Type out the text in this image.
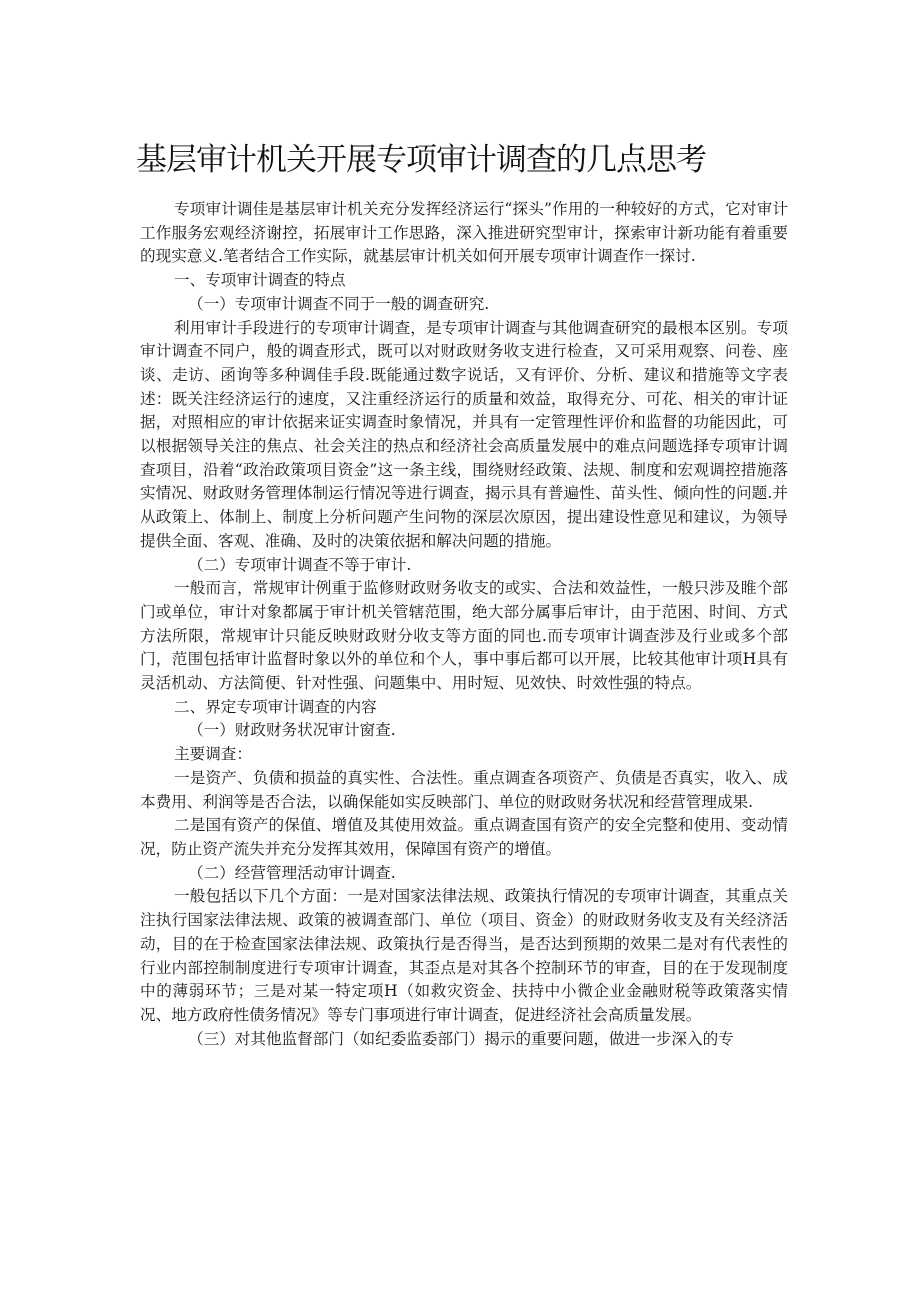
基层审计机关开展专项审计调查的几点思考

专项审计调佳是基层审计机关充分发挥经济运行“探头”作用的一种较好的方式，它对审计工作服务宏观经济谢控，拓展审计工作思路，深入推进研究型审计，探索审计新功能有着重要的现实意义.笔者结合工作实际，就基层审计机关如何开展专项审计调查作一探讨.

一、专项审计调查的特点

（一）专项审计调查不同于一般的调查研究.

利用审计手段进行的专项审计调查，是专项审计调查与其他调查研究的最根本区别。专项审计调查不同户，般的调查形式，既可以对财政财务收支进行检查，又可采用观察、问卷、座谈、走访、函询等多种调佳手段.既能通过数字说话，又有评价、分析、建议和措施等文字表述：既关注经济运行的速度，又注重经济运行的质量和效益，取得充分、可花、相关的审计证据，对照相应的审计依据来证实调查时象情况，并具有一定管理性评价和监督的功能因此，可以根据领导关注的焦点、社会关注的热点和经济社会高质量发展中的难点问题选择专项审计调查项目，沿着“政治政策项目资金”这一条主线，围绕财经政策、法规、制度和宏观调控措施落实情况、财政财务管理体制运行情况等进行调查，揭示具有普遍性、苗头性、倾向性的问题.并从政策上、体制上、制度上分析问题产生问物的深层次原因，提出建设性意见和建议，为领导提供全面、客观、准确、及时的决策依据和解决问题的措施。

（二）专项审计调查不等于审计.

一般而言，常规审计例重于监修财政财务收支的或实、合法和效益性，一般只涉及睢个部门或单位，审计对象都属于审计机关管辖范围，绝大部分属事后审计，由于范困、时间、方式方法所限，常规审计只能反映财政财分收支等方面的同也.而专项审计调查涉及行业或多个部门，范围包括审计监督时象以外的单位和个人，事中事后都可以开展，比较其他审计项H具有灵活机动、方法简便、针对性强、问题集中、用时短、见效快、时效性强的特点。

二、界定专项审计调查的内容

（一）财政财务状况审计窗查.

主要调査：

一是资产、负债和损益的真实性、合法性。重点调查各项资产、负债是否真实，收入、成本费用、利润等是否合法，以确保能如实反映部门、单位的财政财务状况和经营管理成果.

二是国有资产的保值、增值及其使用效益。重点调查国有资产的安全完整和使用、变动情况，防止资产流失并充分发挥其效用，保障国有资产的增值。

（二）经营管理活动审计调查.

一般包括以下几个方面：一是对国家法律法规、政策执行情况的专项审计调查，其重点关注执行国家法律法规、政策的被调查部门、单位（项目、资金）的财政财务收支及有关经济活动，目的在于检查国家法律法规、政策执行是否得当，是否达到预期的效果二是对有代表性的行业内部控制制度进行专项审计调查，其歪点是对其各个控制环节的审查，目的在于发现制度中的薄弱环节；三是对某一特定项H（如救灾资金、扶持中小微企业金融财税等政策落实情况、地方政府性债务情况》等专门事项进行审计调查，促进经济社会高质量发展。

（三）对其他监督部门（如纪委监委部门）揭示的重要问题，做进一步深入的专
